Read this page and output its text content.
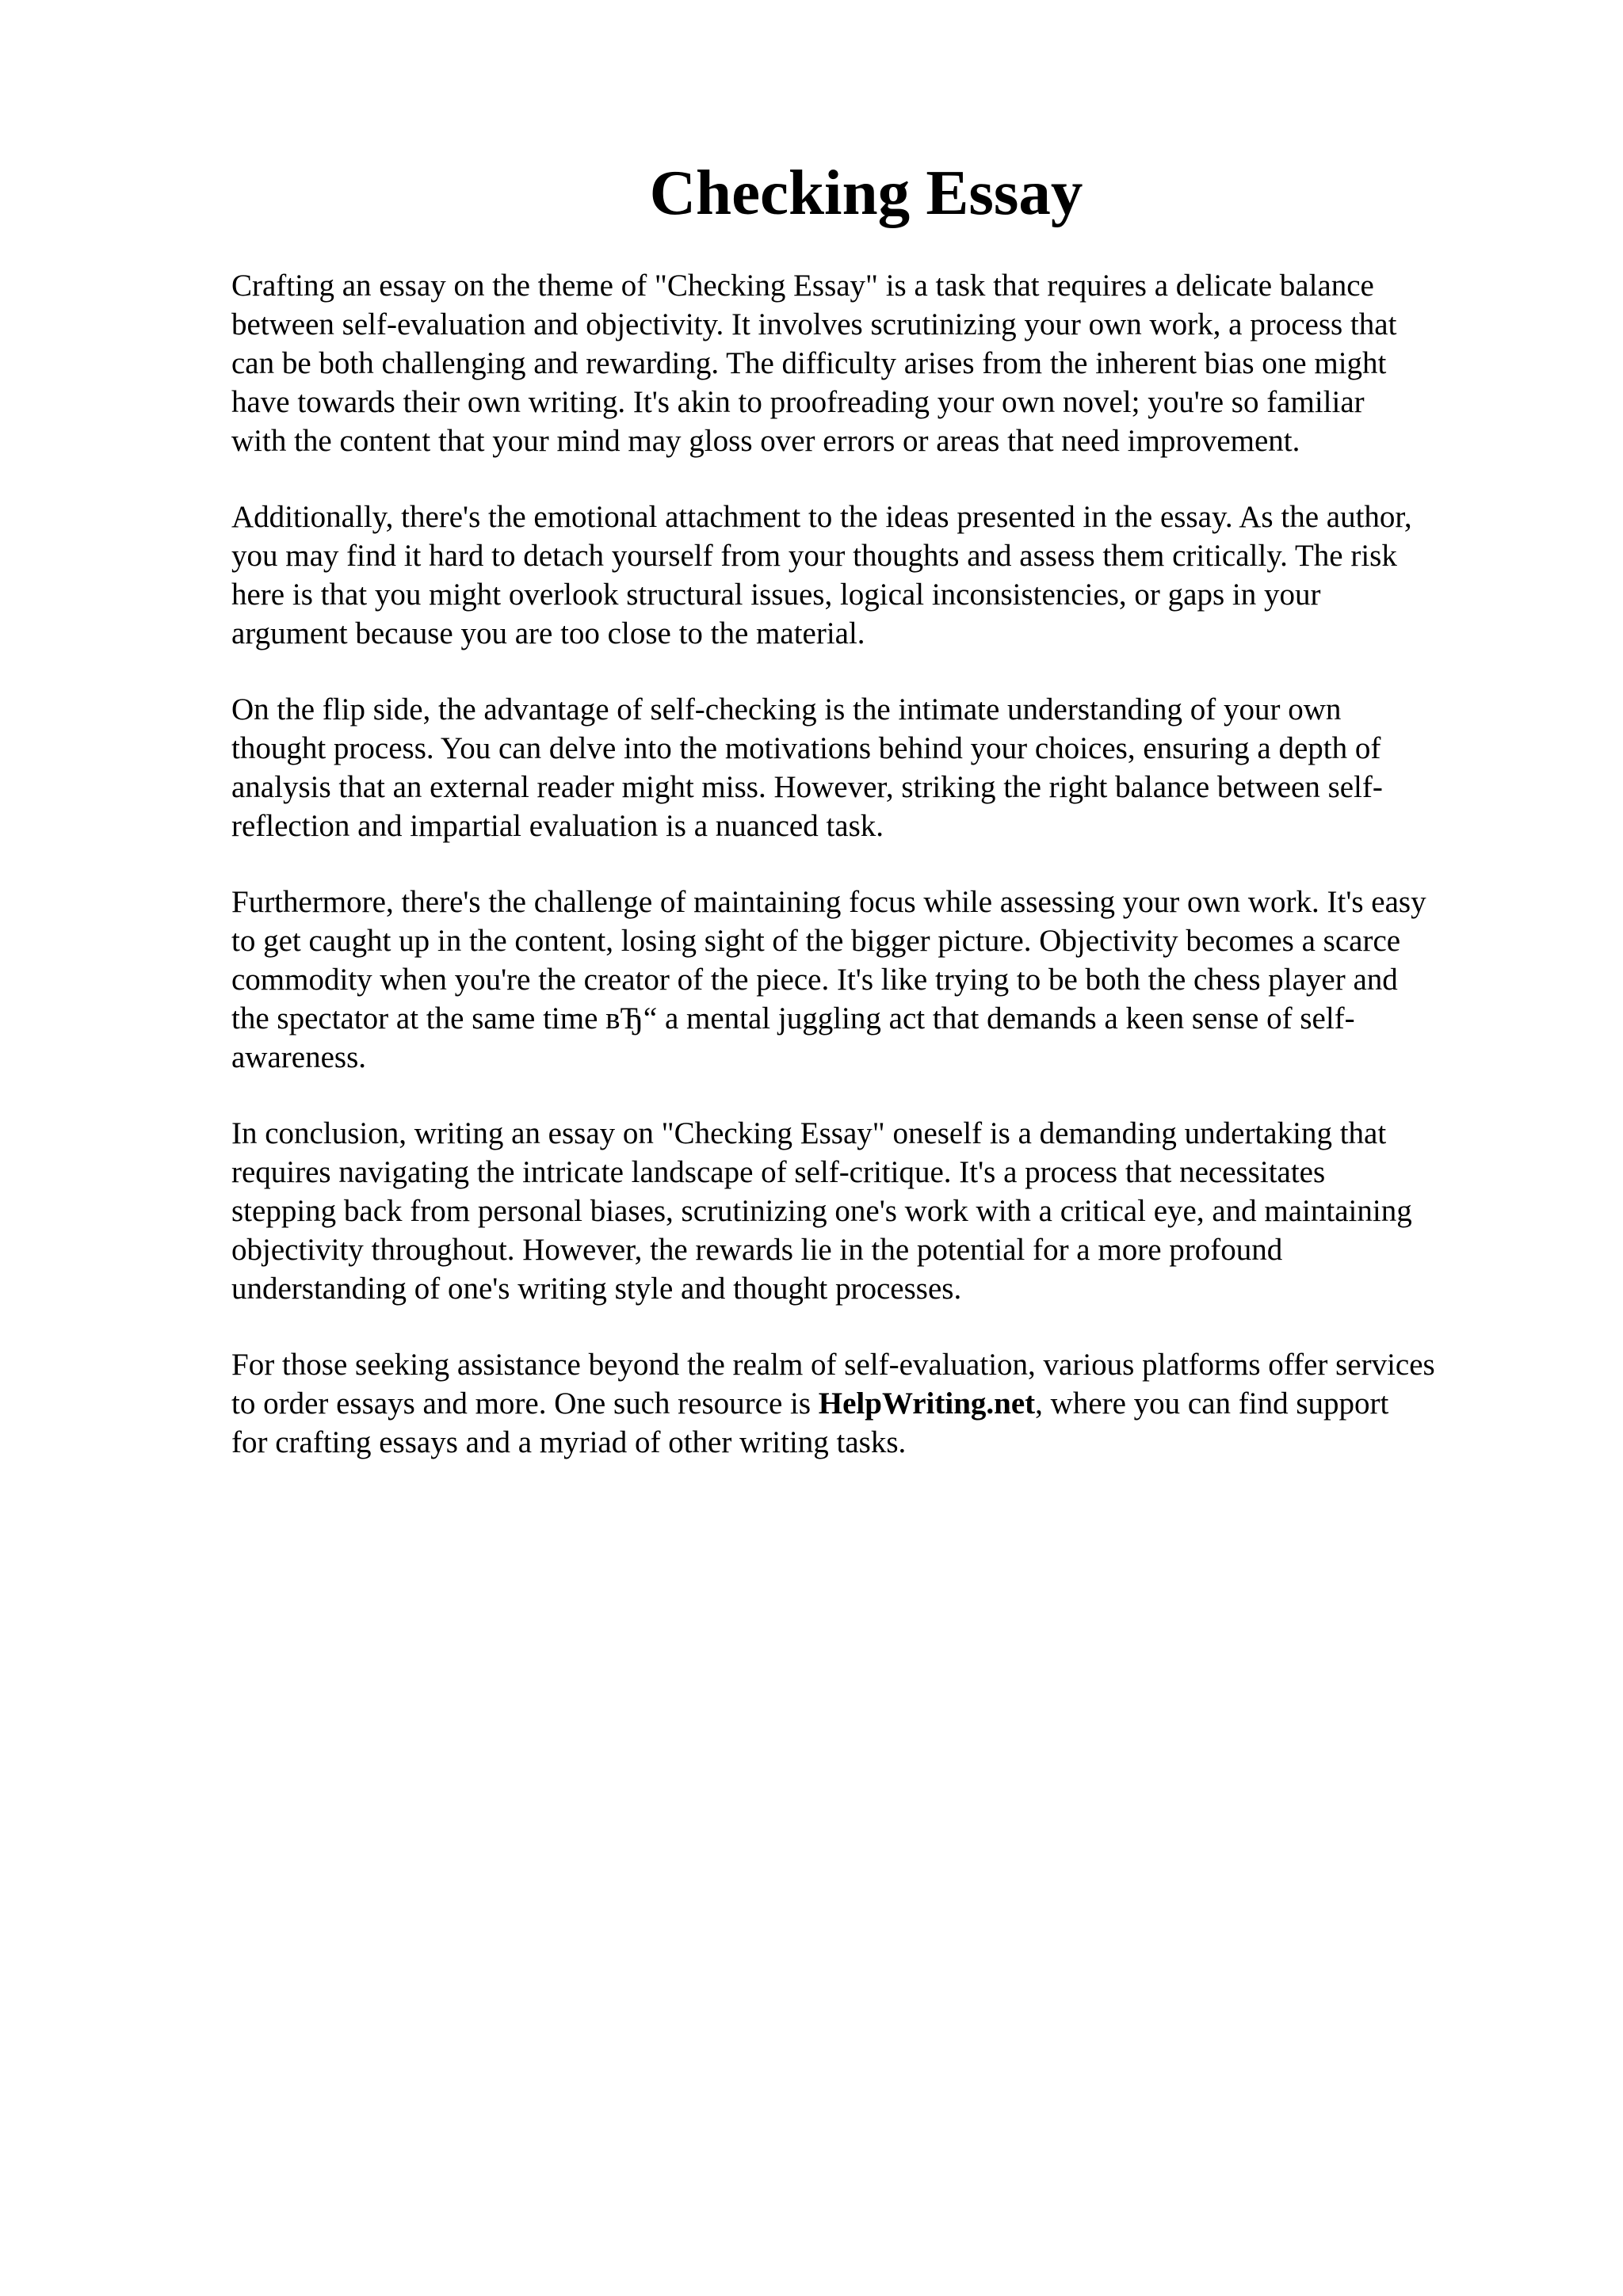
Checking Essay

Crafting an essay on the theme of "Checking Essay" is a task that requires a delicate balance
between self-evaluation and objectivity. It involves scrutinizing your own work, a process that
can be both challenging and rewarding. The difficulty arises from the inherent bias one might
have towards their own writing. It's akin to proofreading your own novel; you're so familiar
with the content that your mind may gloss over errors or areas that need improvement.

Additionally, there's the emotional attachment to the ideas presented in the essay. As the author,
you may find it hard to detach yourself from your thoughts and assess them critically. The risk
here is that you might overlook structural issues, logical inconsistencies, or gaps in your
argument because you are too close to the material.

On the flip side, the advantage of self-checking is the intimate understanding of your own
thought process. You can delve into the motivations behind your choices, ensuring a depth of
analysis that an external reader might miss. However, striking the right balance between self-
reflection and impartial evaluation is a nuanced task.

Furthermore, there's the challenge of maintaining focus while assessing your own work. It's easy
to get caught up in the content, losing sight of the bigger picture. Objectivity becomes a scarce
commodity when you're the creator of the piece. It's like trying to be both the chess player and
the spectator at the same time вЂ“ a mental juggling act that demands a keen sense of self-
awareness.

In conclusion, writing an essay on "Checking Essay" oneself is a demanding undertaking that
requires navigating the intricate landscape of self-critique. It's a process that necessitates
stepping back from personal biases, scrutinizing one's work with a critical eye, and maintaining
objectivity throughout. However, the rewards lie in the potential for a more profound
understanding of one's writing style and thought processes.

For those seeking assistance beyond the realm of self-evaluation, various platforms offer services
to order essays and more. One such resource is HelpWriting.net, where you can find support
for crafting essays and a myriad of other writing tasks.
